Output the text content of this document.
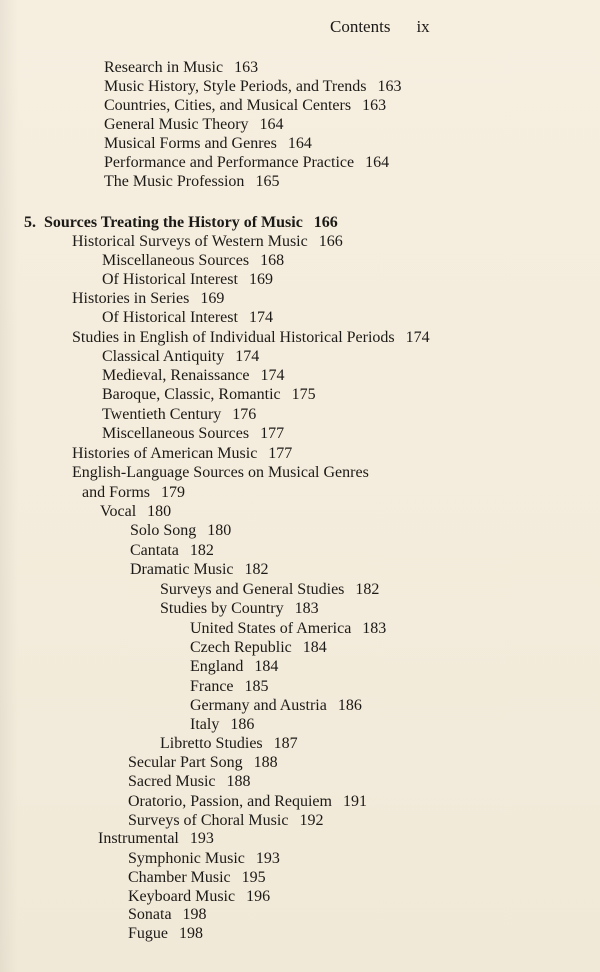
Contents ix
Research in Music 163
Music History, Style Periods, and Trends 163
Countries, Cities, and Musical Centers 163
General Music Theory 164
Musical Forms and Genres 164
Performance and Performance Practice 164
The Music Profession 165
5. Sources Treating the History of Music 166
Historical Surveys of Western Music 166
Miscellaneous Sources 168
Of Historical Interest 169
Histories in Series 169
Of Historical Interest 174
Studies in English of Individual Historical Periods 174
Classical Antiquity 174
Medieval, Renaissance 174
Baroque, Classic, Romantic 175
Twentieth Century 176
Miscellaneous Sources 177
Histories of American Music 177
English-Language Sources on Musical Genres
and Forms 179
Vocal 180
Solo Song 180
Cantata 182
Dramatic Music 182
Surveys and General Studies 182
Studies by Country 183
United States of America 183
Czech Republic 184
England 184
France 185
Germany and Austria 186
Italy 186
Libretto Studies 187
Secular Part Song 188
Sacred Music 188
Oratorio, Passion, and Requiem 191
Surveys of Choral Music 192
Instrumental 193
Symphonic Music 193
Chamber Music 195
Keyboard Music 196
Sonata 198
Fugue 198
